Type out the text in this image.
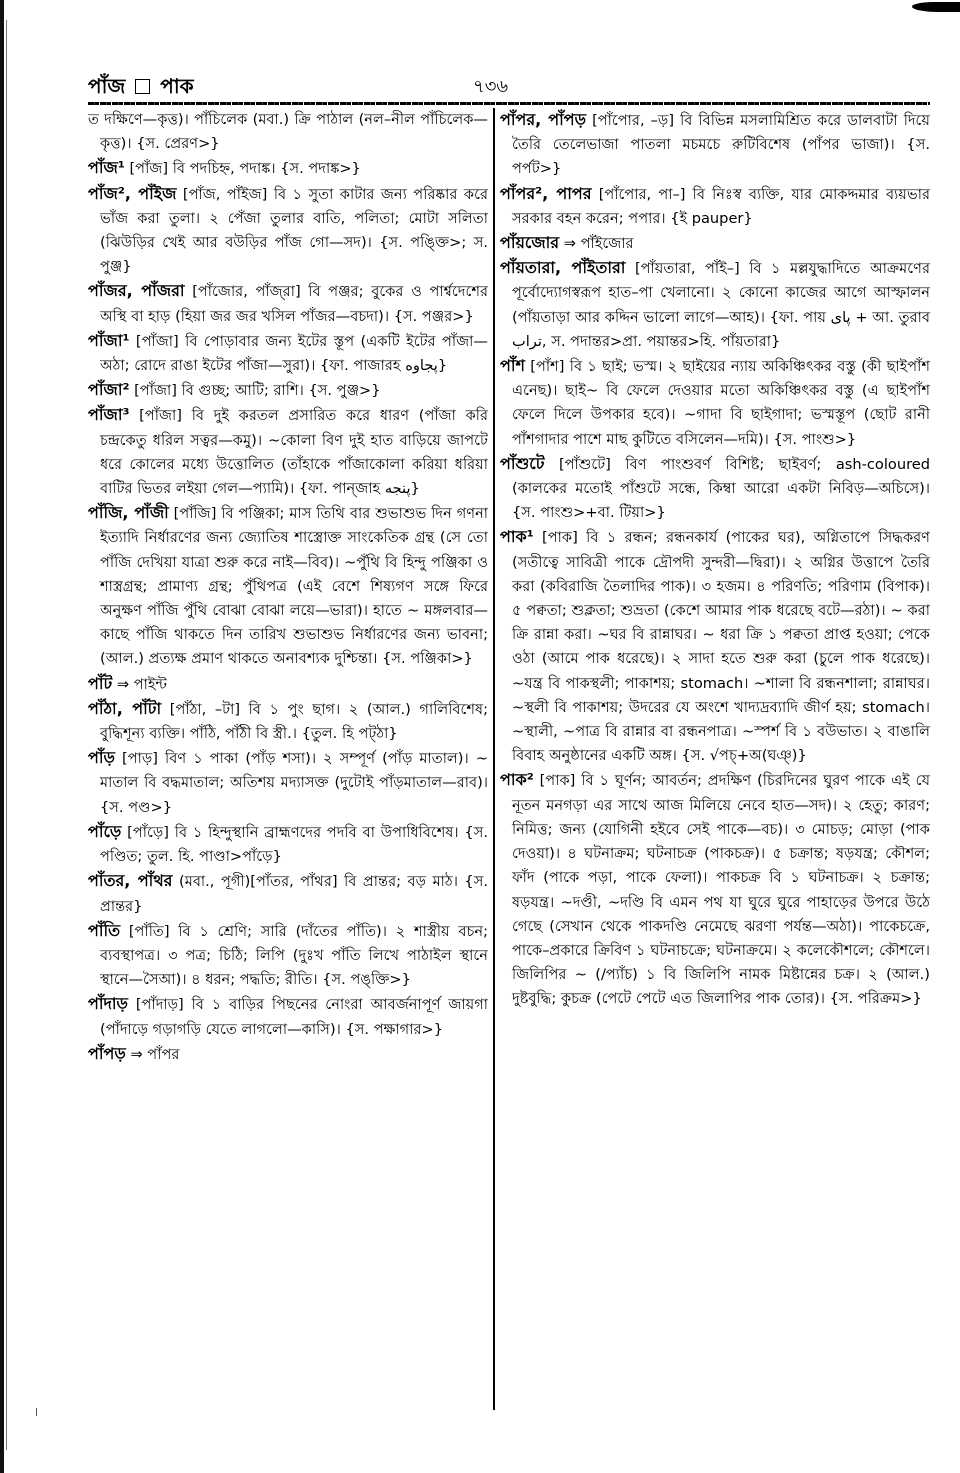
পাঁজ পাক	৭৩৬

ত দক্ষিণে—কৃত্ত)। পাঁচিলেক (মবা.) ক্রি পাঠাল (নল–নীল পাঁচিলেক—কৃত্ত)। {স. প্রেরণ>}

পাঁজ¹ [পাঁজ] বি পদচিহ্ন, পদাঙ্ক। {স. পদাঙ্ক>}

পাঁজ², পাঁইজ [পাঁজ, পাঁইজ] বি ১ সুতা কাটার জন্য পরিষ্কার করে ভাঁজ করা তুলা। ২ পেঁজা তুলার বাতি, পলিতা; মোটা সলিতা (ঝিউড়ির খেই আর বউড়ির পাঁজ গো—সদ)। {স. পঙ্ক্তি>; স. পুঞ্জ}

পাঁজর, পাঁজরা [পাঁজোর, পাঁজ্‌রা] বি পঞ্জর; বুকের ও পার্শ্বদেশের অস্থি বা হাড় (হিয়া জর জর খসিল পাঁজর—বচদা)। {স. পঞ্জর>}

পাঁজা¹ [পাঁজা] বি পোড়াবার জন্য ইটের স্তূপ (একটি ইটের পাঁজা—অঠা; রোদে রাঙা ইটের পাঁজা—সুরা)। {ফা. পাজারহ پجاوه}

পাঁজা² [পাঁজা] বি গুচ্ছ; আটি; রাশি। {স. পুঞ্জ>}

পাঁজা³ [পাঁজা] বি দুই করতল প্রসারিত করে ধারণ (পাঁজা করি চন্দ্রকেতু ধরিল সত্বর—কমু)। ~কোলা বিণ দুই হাত বাড়িয়ে জাপটে ধরে কোলের মধ্যে উত্তোলিত (তাঁহাকে পাঁজাকোলা করিয়া ধরিয়া বাটির ভিতর লইয়া গেল—প্যামি)। {ফা. পান্‌জাহ پنجه}

পাঁজি, পাঁজী [পাঁজি] বি পঞ্জিকা; মাস তিথি বার শুভাশুভ দিন গণনা ইত্যাদি নির্ধারণের জন্য জ্যোতিষ শাস্ত্রোক্ত সাংকেতিক গ্রন্থ (সে তো পাঁজি দেখিয়া যাত্রা শুরু করে নাই—বিব)। ~পুঁথি বি হিন্দু পঞ্জিকা ও শাস্ত্রগ্রন্থ; প্রামাণ্য গ্রন্থ; পুঁথিপত্র (এই বেশে শিষ্যগণ সঙ্গে ফিরে অনুক্ষণ পাঁজি পুঁথি বোঝা বোঝা লয়ে—ভারা)। হাতে ~ মঙ্গলবার— কাছে পাঁজি থাকতে দিন তারিখ শুভাশুভ নির্ধারণের জন্য ভাবনা; (আল.) প্রত্যক্ষ প্রমাণ থাকতে অনাবশ্যক দুশ্চিন্তা। {স. পঞ্জিকা>}

পাঁট ⇒ পাইন্ট

পাঁঠা, পাঁটা [পাঁঠা, –টা] বি ১ পুং ছাগ। ২ (আল.) গালিবিশেষ; বুদ্ধিশূন্য ব্যক্তি। পাঁঠি, পাঁঠী বি স্ত্রী.। {তুল. হি পট্‌ঠা}

পাঁড় [পাড়] বিণ ১ পাকা (পাঁড় শসা)। ২ সম্পূর্ণ (পাঁড় মাতাল)। ~ মাতাল বি বদ্ধমাতাল; অতিশয় মদ্যাসক্ত (দুটোই পাঁড়মাতাল—রাব)। {স. পণ্ড>}

পাঁড়ে [পাঁড়ে] বি ১ হিন্দুস্থানি ব্রাহ্মণদের পদবি বা উপাধিবিশেষ। {স. পণ্ডিত; তুল. হি. পাণ্ডা>পাঁড়ে}

পাঁতর, পাঁথর (মবা., পূগী)[পাঁতর, পাঁথর] বি প্রান্তর; বড় মাঠ। {স. প্রান্তর}

পাঁতি [পাঁতি] বি ১ শ্রেণি; সারি (দাঁতের পাঁতি)। ২ শাস্ত্রীয় বচন; ব্যবস্থাপত্র। ৩ পত্র; চিঠি; লিপি (দুঃখ পাঁতি লিখে পাঠাইল স্থানে স্থানে—সৈআ)। ৪ ধরন; পদ্ধতি; রীতি। {স. পঙ্‌ক্তি>}

পাঁদাড় [পাঁদাড়] বি ১ বাড়ির পিছনের নোংরা আবর্জনাপূর্ণ জায়গা (পাঁদাড়ে গড়াগড়ি যেতে লাগলো—কাসি)। {স. পক্ষাগার>}

পাঁপড় ⇒ পাঁপর

পাঁপর, পাঁপড় [পাঁপোর, –ড়] বি বিভিন্ন মসলামিশ্রিত করে ডালবাটা দিয়ে তৈরি তেলেভাজা পাতলা মচমচে রুটিবিশেষ (পাঁপর ভাজা)। {স. পর্পট>}

পাঁপর², পাপর [পাঁপোর, পা–] বি নিঃস্ব ব্যক্তি, যার মোকদ্দমার ব্যয়ভার সরকার বহন করেন; পপার। {ই pauper}

পাঁয়জোর ⇒ পাঁইজোর

পাঁয়তারা, পাঁইতারা [পাঁয়তারা, পাঁই–] বি ১ মল্লযুদ্ধাদিতে আক্রমণের পূর্বোদ্যোগস্বরূপ হাত–পা খেলানো। ২ কোনো কাজের আগে আস্ফালন (পাঁয়তাড়া আর কদ্দিন ভালো লাগে—আহ)। {ফা. পায় پای + আ. তুরাব تراب, স. পদান্তর>প্রা. পয়ান্তর>হি. পাঁয়তারা}

পাঁশ [পাঁশ] বি ১ ছাই; ভস্ম। ২ ছাইয়ের ন্যায় অকিঞ্চিৎকর বস্তু (কী ছাইপাঁশ এনেছ)। ছাই~ বি ফেলে দেওয়ার মতো অকিঞ্চিৎকর বস্তু (এ ছাইপাঁশ ফেলে দিলে উপকার হবে)। ~গাদা বি ছাইগাদা; ভস্মস্তূপ (ছোট রানী পাঁশগাদার পাশে মাছ কুটিতে বসিলেন—দমি)। {স. পাংশু>}

পাঁশুটে [পাঁশুটে] বিণ পাংশুবর্ণ বিশিষ্ট; ছাইবর্ণ; ash-coloured (কালকের মতোই পাঁশুটে সন্ধে, কিম্বা আরো একটা নিবিড়—অচিসে)। {স. পাংশু>+বা. টিয়া>}

পাক¹ [পাক] বি ১ রন্ধন; রন্ধনকার্য (পাকের ঘর), অগ্নিতাপে সিদ্ধকরণ (সতীত্বে সাবিত্রী পাকে দ্রৌপদী সুন্দরী—দ্বিরা)। ২ অগ্নির উত্তাপে তৈরি করা (কবিরাজি তৈলাদির পাক)। ৩ হজম। ৪ পরিণতি; পরিণাম (বিপাক)। ৫ পক্বতা; শুক্লতা; শুভ্রতা (কেশে আমার পাক ধরেছে বটে—রঠা)। ~ করা ক্রি রান্না করা। ~ঘর বি রান্নাঘর। ~ ধরা ক্রি ১ পক্বতা প্রাপ্ত হওয়া; পেকে ওঠা (আমে পাক ধরেছে)। ২ সাদা হতে শুরু করা (চুলে পাক ধরেছে)। ~যন্ত্র বি পাকস্থলী; পাকাশয়; stomach। ~শালা বি রন্ধনশালা; রান্নাঘর। ~স্থলী বি পাকাশয়; উদরের যে অংশে খাদ্যদ্রব্যাদি জীর্ণ হয়; stomach। ~স্থালী, ~পাত্র বি রান্নার বা রন্ধনপাত্র। ~স্পর্শ বি ১ বউভাত। ২ বাঙালি বিবাহ অনুষ্ঠানের একটি অঙ্গ। {স. √পচ্‌+অ(ঘঞ্‌)}

পাক² [পাক] বি ১ ঘূর্ণন; আবর্তন; প্রদক্ষিণ (চিরদিনের ঘুরণ পাকে এই যে নূতন মনগড়া এর সাথে আজ মিলিয়ে নেবে হাত—সদ)। ২ হেতু; কারণ; নিমিত্ত; জন্য (যোগিনী হইবে সেই পাকে—বচ)। ৩ মোচড়; মোড়া (পাক দেওয়া)। ৪ ঘটনাক্রম; ঘটনাচক্র (পাকচক্র)। ৫ চক্রান্ত; ষড়যন্ত্র; কৌশল; ফাঁদ (পাকে পড়া, পাকে ফেলা)। পাকচক্র বি ১ ঘটনাচক্র। ২ চক্রান্ত; ষড়যন্ত্র। ~দণ্ডী, ~দণ্ডি বি এমন পথ যা ঘুরে ঘুরে পাহাড়ের উপরে উঠে গেছে (সেখান থেকে পাকদণ্ডি নেমেছে ঝরণা পর্যন্ত—অঠা)। পাকেচক্রে, পাকে–প্রকারে ক্রিবিণ ১ ঘটনাচক্রে; ঘটনাক্রমে। ২ কলেকৌশলে; কৌশলে। জিলিপির ~ (/প্যাঁচ) ১ বি জিলিপি নামক মিষ্টান্নের চক্র। ২ (আল.) দুষ্টবুদ্ধি; কুচক্র (পেটে পেটে এত জিলাপির পাক তোর)। {স. পরিক্রম>}
